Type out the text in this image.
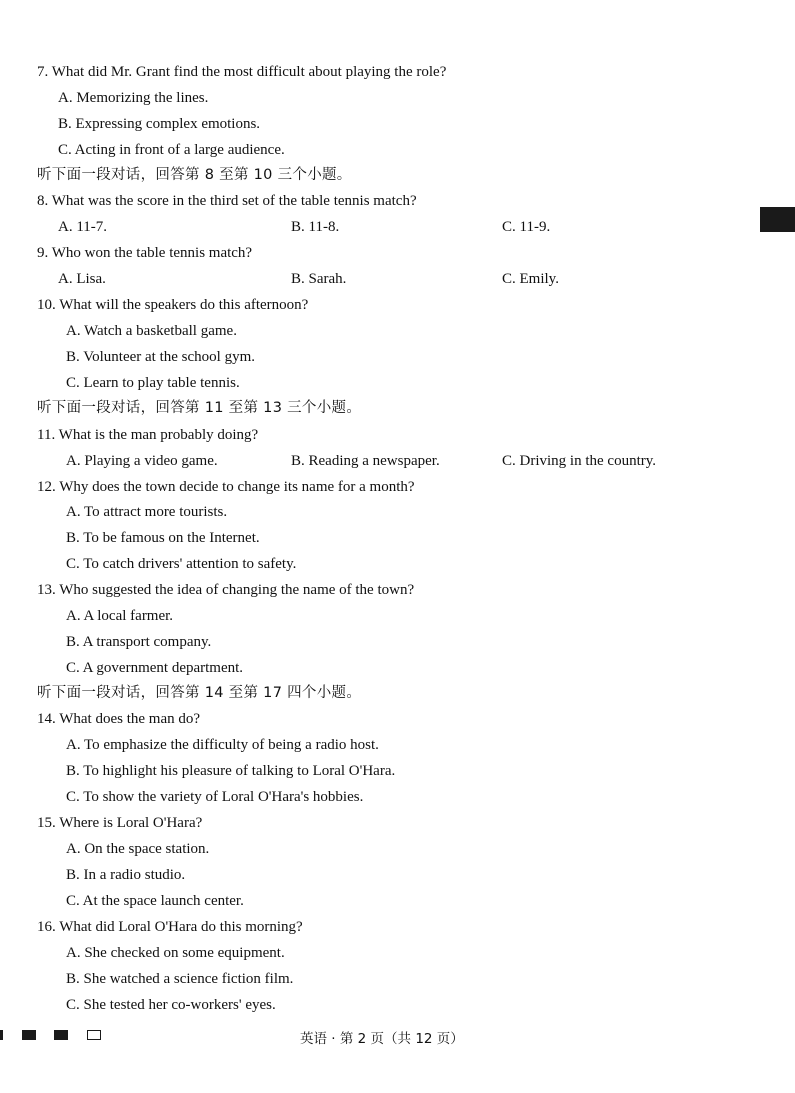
7. What did Mr. Grant find the most difficult about playing the role?
A. Memorizing the lines.
B. Expressing complex emotions.
C. Acting in front of a large audience.
听下面一段对话，回答第 8 至第 10 三个小题。
8. What was the score in the third set of the table tennis match?
A. 11-7.	B. 11-8.	C. 11-9.
9. Who won the table tennis match?
A. Lisa.	B. Sarah.	C. Emily.
10. What will the speakers do this afternoon?
A. Watch a basketball game.
B. Volunteer at the school gym.
C. Learn to play table tennis.
听下面一段对话，回答第 11 至第 13 三个小题。
11. What is the man probably doing?
A. Playing a video game.	B. Reading a newspaper.	C. Driving in the country.
12. Why does the town decide to change its name for a month?
A. To attract more tourists.
B. To be famous on the Internet.
C. To catch drivers' attention to safety.
13. Who suggested the idea of changing the name of the town?
A. A local farmer.
B. A transport company.
C. A government department.
听下面一段对话，回答第 14 至第 17 四个小题。
14. What does the man do?
A. To emphasize the difficulty of being a radio host.
B. To highlight his pleasure of talking to Loral O'Hara.
C. To show the variety of Loral O'Hara's hobbies.
15. Where is Loral O'Hara?
A. On the space station.
B. In a radio studio.
C. At the space launch center.
16. What did Loral O'Hara do this morning?
A. She checked on some equipment.
B. She watched a science fiction film.
C. She tested her co-workers' eyes.
英语 · 第 2 页（共 12 页）
